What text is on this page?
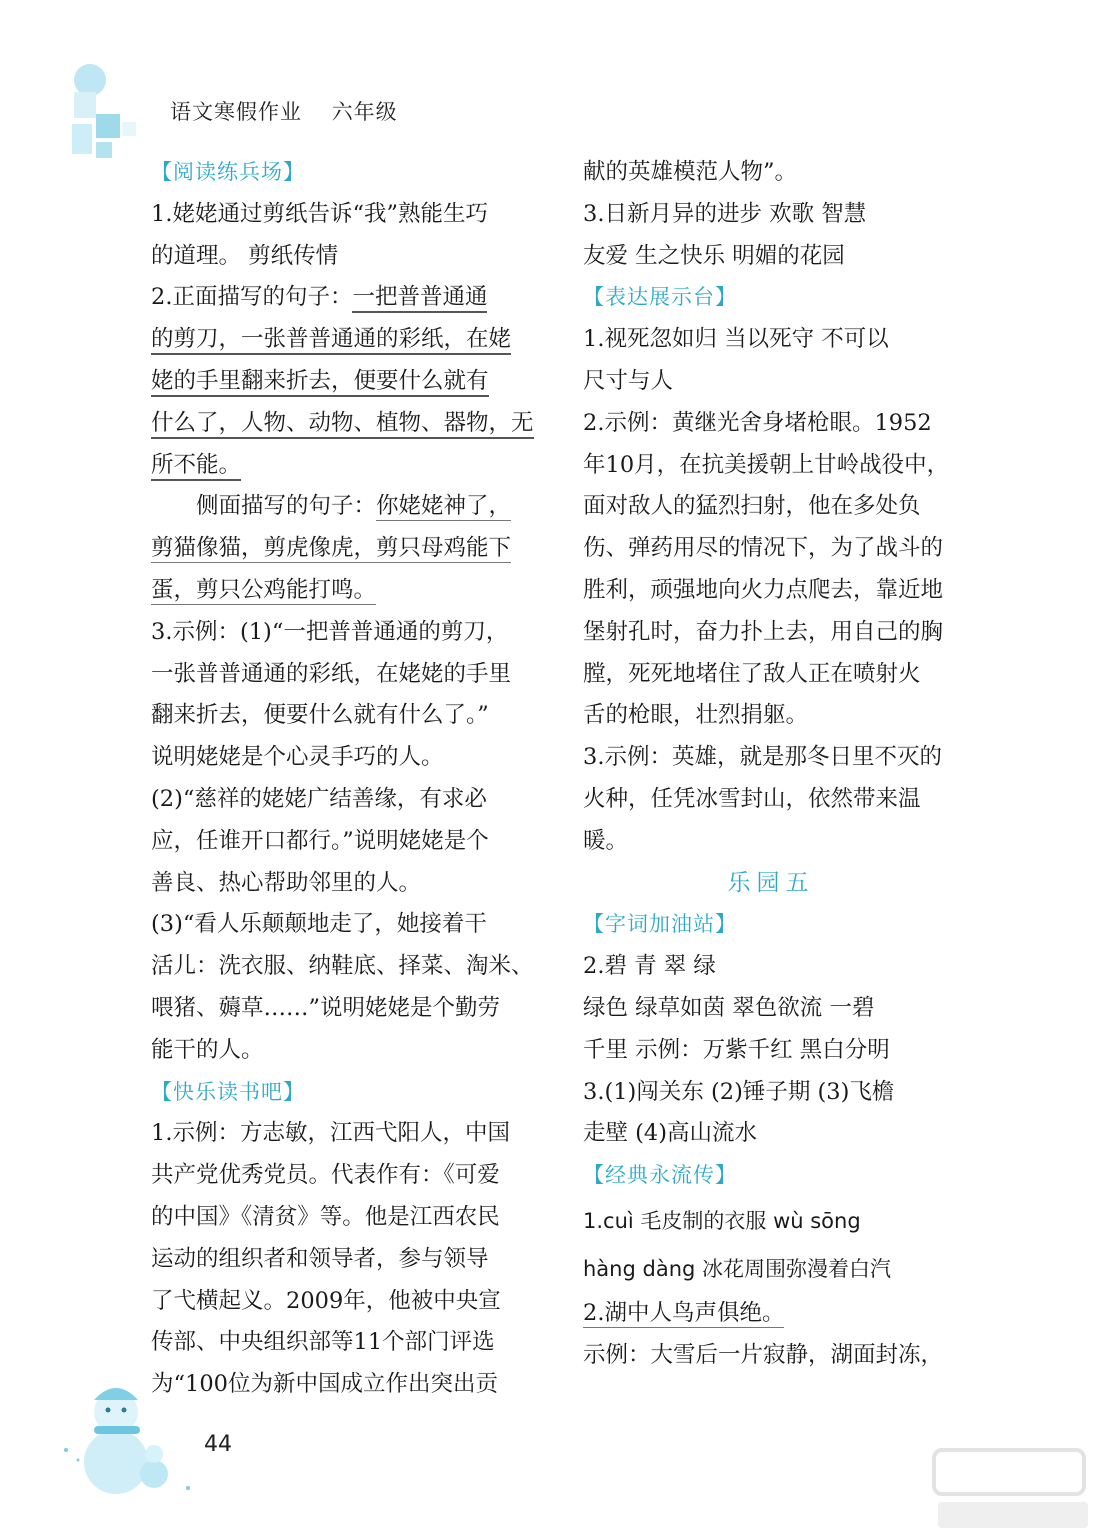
语文寒假作业 六年级
【阅读练兵场】
1.姥姥通过剪纸告诉“我”熟能生巧
的道理。 剪纸传情
2.正面描写的句子：一把普普通通
的剪刀，一张普普通通的彩纸，在姥
姥的手里翻来折去，便要什么就有
什么了，人物、动物、植物、器物，无
所不能。
侧面描写的句子：你姥姥神了，
剪猫像猫，剪虎像虎，剪只母鸡能下
蛋，剪只公鸡能打鸣。
3.示例：(1)“一把普普通通的剪刀，
一张普普通通的彩纸，在姥姥的手里
翻来折去，便要什么就有什么了。”
说明姥姥是个心灵手巧的人。
(2)“慈祥的姥姥广结善缘，有求必
应，任谁开口都行。”说明姥姥是个
善良、热心帮助邻里的人。
(3)“看人乐颠颠地走了，她接着干
活儿：洗衣服、纳鞋底、择菜、淘米、
喂猪、薅草……”说明姥姥是个勤劳
能干的人。
【快乐读书吧】
1.示例：方志敏，江西弋阳人，中国
共产党优秀党员。代表作有：《可爱
的中国》《清贫》等。他是江西农民
运动的组织者和领导者，参与领导
了弋横起义。2009年，他被中央宣
传部、中央组织部等11个部门评选
为“100位为新中国成立作出突出贡
献的英雄模范人物”。
3.日新月异的进步 欢歌 智慧
友爱 生之快乐 明媚的花园
【表达展示台】
1.视死忽如归 当以死守 不可以
尺寸与人
2.示例：黄继光舍身堵枪眼。1952
年10月，在抗美援朝上甘岭战役中，
面对敌人的猛烈扫射，他在多处负
伤、弹药用尽的情况下，为了战斗的
胜利，顽强地向火力点爬去，靠近地
堡射孔时，奋力扑上去，用自己的胸
膛，死死地堵住了敌人正在喷射火
舌的枪眼，壮烈捐躯。
3.示例：英雄，就是那冬日里不灭的
火种，任凭冰雪封山，依然带来温
暖。
乐园五
【字词加油站】
2.碧 青 翠 绿
绿色 绿草如茵 翠色欲流 一碧
千里 示例：万紫千红 黑白分明
3.(1)闯关东 (2)锤子期 (3)飞檐
走壁 (4)高山流水
【经典永流传】
1.cuì 毛皮制的衣服 wù sōng
hàng dàng 冰花周围弥漫着白汽
2.湖中人鸟声俱绝。
示例：大雪后一片寂静，湖面封冻，
44
